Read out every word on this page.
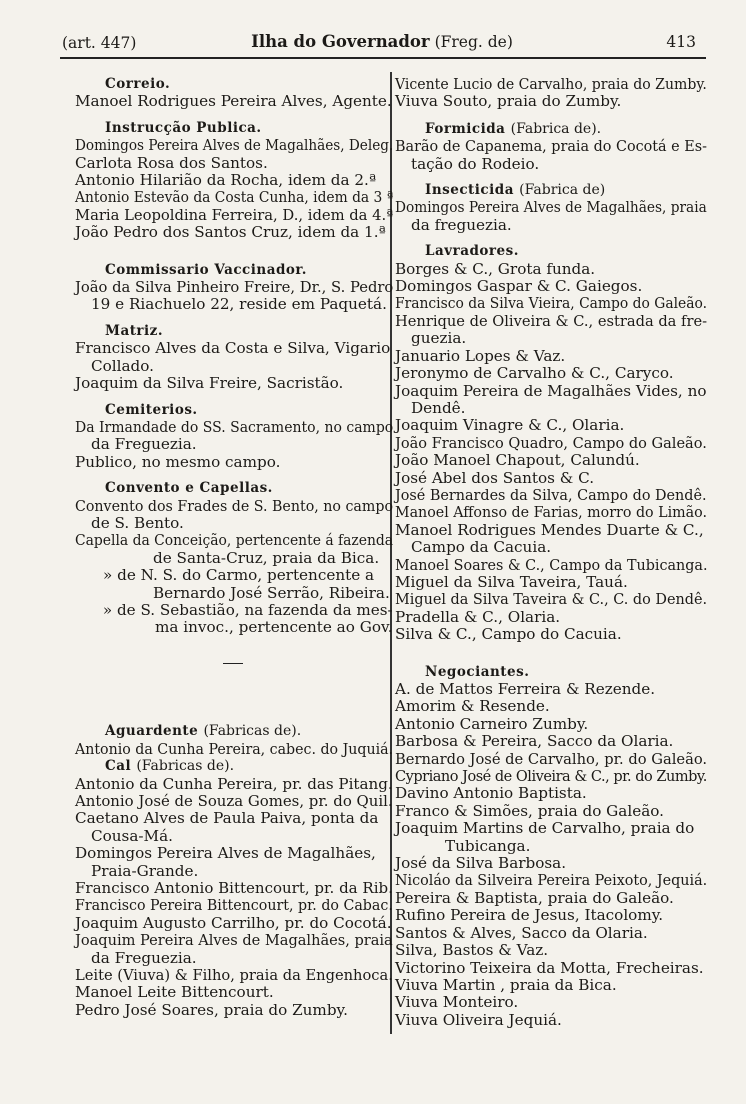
(art. 447)	Ilha do Governador (Freg. de)	413
Correio.
Manoel Rodrigues Pereira Alves, Agente.
Instrucção Publica.
Domingos Pereira Alves de Magalhães, Deleg.
Carlota Rosa dos Santos.
Antonio Hilarião da Rocha, idem da 2.ª
Antonio Estevão da Costa Cunha, idem da 3 ª
Maria Leopoldina Ferreira, D., idem da 4.ª
João Pedro dos Santos Cruz, idem da 1.ª
Commissario Vaccinador.
João da Silva Pinheiro Freire, Dr., S. Pedro
19 e Riachuelo 22, reside em Paquetá.
Matriz.
Francisco Alves da Costa e Silva, Vigario
Collado.
Joaquim da Silva Freire, Sacristão.
Cemiterios.
Da Irmandade do SS. Sacramento, no campo
da Freguezia.
Publico, no mesmo campo.
Convento e Capellas.
Convento dos Frades de S. Bento, no campo
de S. Bento.
Capella da Conceição, pertencente á fazenda
de Santa-Cruz, praia da Bica.
» de N. S. do Carmo, pertencente a
Bernardo José Serrão, Ribeira.
» de S. Sebastião, na fazenda da mes-
ma invoc., pertencente ao Gov.
Aguardente (Fabricas de).
Antonio da Cunha Pereira, cabec. do Juquiá.
Cal (Fabricas de).
Antonio da Cunha Pereira, pr. das Pitang.
Antonio José de Souza Gomes, pr. do Quil.
Caetano Alves de Paula Paiva, ponta da
Cousa-Má.
Domingos Pereira Alves de Magalhães,
Praia-Grande.
Francisco Antonio Bittencourt, pr. da Rib.
Francisco Pereira Bittencourt, pr. do Cabac.
Joaquim Augusto Carrilho, pr. do Cocotá.
Joaquim Pereira Alves de Magalhães, praia
da Freguezia.
Leite (Viuva) & Filho, praia da Engenhoca.
Manoel Leite Bittencourt.
Pedro José Soares, praia do Zumby.
Vicente Lucio de Carvalho, praia do Zumby.
Viuva Souto, praia do Zumby.
Formicida (Fabrica de).
Barão de Capanema, praia do Cocotá e Es-
tação do Rodeio.
Insecticida (Fabrica de)
Domingos Pereira Alves de Magalhães, praia
da freguezia.
Lavradores.
Borges & C., Grota funda.
Domingos Gaspar & C. Gaiegos.
Francisco da Silva Vieira, Campo do Galeão.
Henrique de Oliveira & C., estrada da fre-
guezia.
Januario Lopes & Vaz.
Jeronymo de Carvalho & C., Caryco.
Joaquim Pereira de Magalhães Vides, no
Dendê.
Joaquim Vinagre & C., Olaria.
João Francisco Quadro, Campo do Galeão.
João Manoel Chapout, Calundú.
José Abel dos Santos & C.
José Bernardes da Silva, Campo do Dendê.
Manoel Affonso de Farias, morro do Limão.
Manoel Rodrigues Mendes Duarte & C.,
Campo da Cacuia.
Manoel Soares & C., Campo da Tubicanga.
Miguel da Silva Taveira, Tauá.
Miguel da Silva Taveira & C., C. do Dendê.
Pradella & C., Olaria.
Silva & C., Campo do Cacuia.
Negociantes.
A. de Mattos Ferreira & Rezende.
Amorim & Resende.
Antonio Carneiro Zumby.
Barbosa & Pereira, Sacco da Olaria.
Bernardo José de Carvalho, pr. do Galeão.
Cypriano José de Oliveira & C., pr. do Zumby.
Davino Antonio Baptista.
Franco & Simões, praia do Galeão.
Joaquim Martins de Carvalho, praia do
Tubicanga.
José da Silva Barbosa.
Nicoláo da Silveira Pereira Peixoto, Jequiá.
Pereira & Baptista, praia do Galeão.
Rufino Pereira de Jesus, Itacolomy.
Santos & Alves, Sacco da Olaria.
Silva, Bastos & Vaz.
Victorino Teixeira da Motta, Frecheiras.
Viuva Martin , praia da Bica.
Viuva Monteiro.
Viuva Oliveira Jequiá.
